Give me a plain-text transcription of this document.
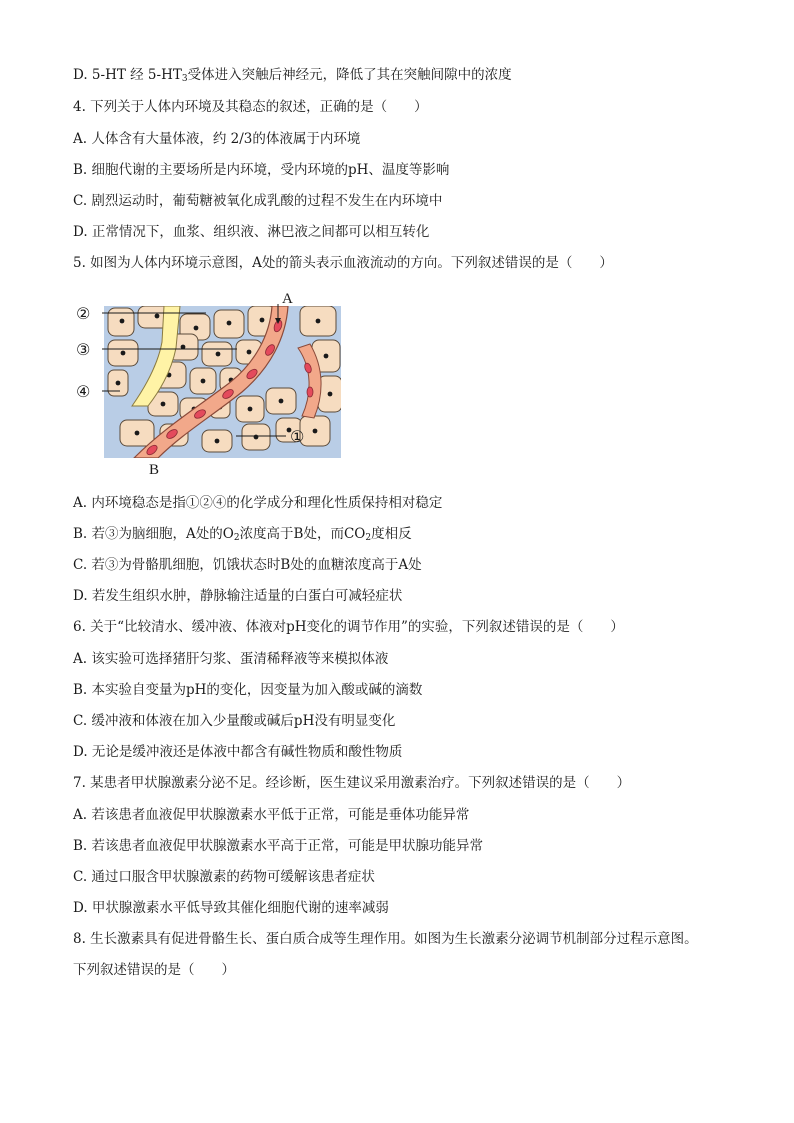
D. 5-HT 经 $5-HT_3$受体进入突触后神经元，降低了其在突触间隙中的浓度
4. 下列关于人体内环境及其稳态的叙述，正确的是（　　）
A. 人体含有大量体液，约 2/3的体液属于内环境
B. 细胞代谢的主要场所是内环境，受内环境的pH、温度等影响
C. 剧烈运动时，葡萄糖被氧化成乳酸的过程不发生在内环境中
D. 正常情况下，血浆、组织液、淋巴液之间都可以相互转化
5. 如图为人体内环境示意图，A处的箭头表示血液流动的方向。下列叙述错误的是（　　）
A
B
②
③
④
①
A. 内环境稳态是指①②④的化学成分和理化性质保持相对稳定
B. 若③为脑细胞，A处的$O_2$浓度高于B处，而$CO_2$度相反
C. 若③为骨骼肌细胞，饥饿状态时B处的血糖浓度高于A处
D. 若发生组织水肿，静脉输注适量的白蛋白可减轻症状
6. 关于“比较清水、缓冲液、体液对pH变化的调节作用”的实验，下列叙述错误的是（　　）
A. 该实验可选择猪肝匀浆、蛋清稀释液等来模拟体液
B. 本实验自变量为pH的变化，因变量为加入酸或碱的滴数
C. 缓冲液和体液在加入少量酸或碱后pH没有明显变化
D. 无论是缓冲液还是体液中都含有碱性物质和酸性物质
7. 某患者甲状腺激素分泌不足。经诊断，医生建议采用激素治疗。下列叙述错误的是（　　）
A. 若该患者血液促甲状腺激素水平低于正常，可能是垂体功能异常
B. 若该患者血液促甲状腺激素水平高于正常，可能是甲状腺功能异常
C. 通过口服含甲状腺激素的药物可缓解该患者症状
D. 甲状腺激素水平低导致其催化细胞代谢的速率减弱
8. 生长激素具有促进骨骼生长、蛋白质合成等生理作用。如图为生长激素分泌调节机制部分过程示意图。
下列叙述错误的是（　　）
